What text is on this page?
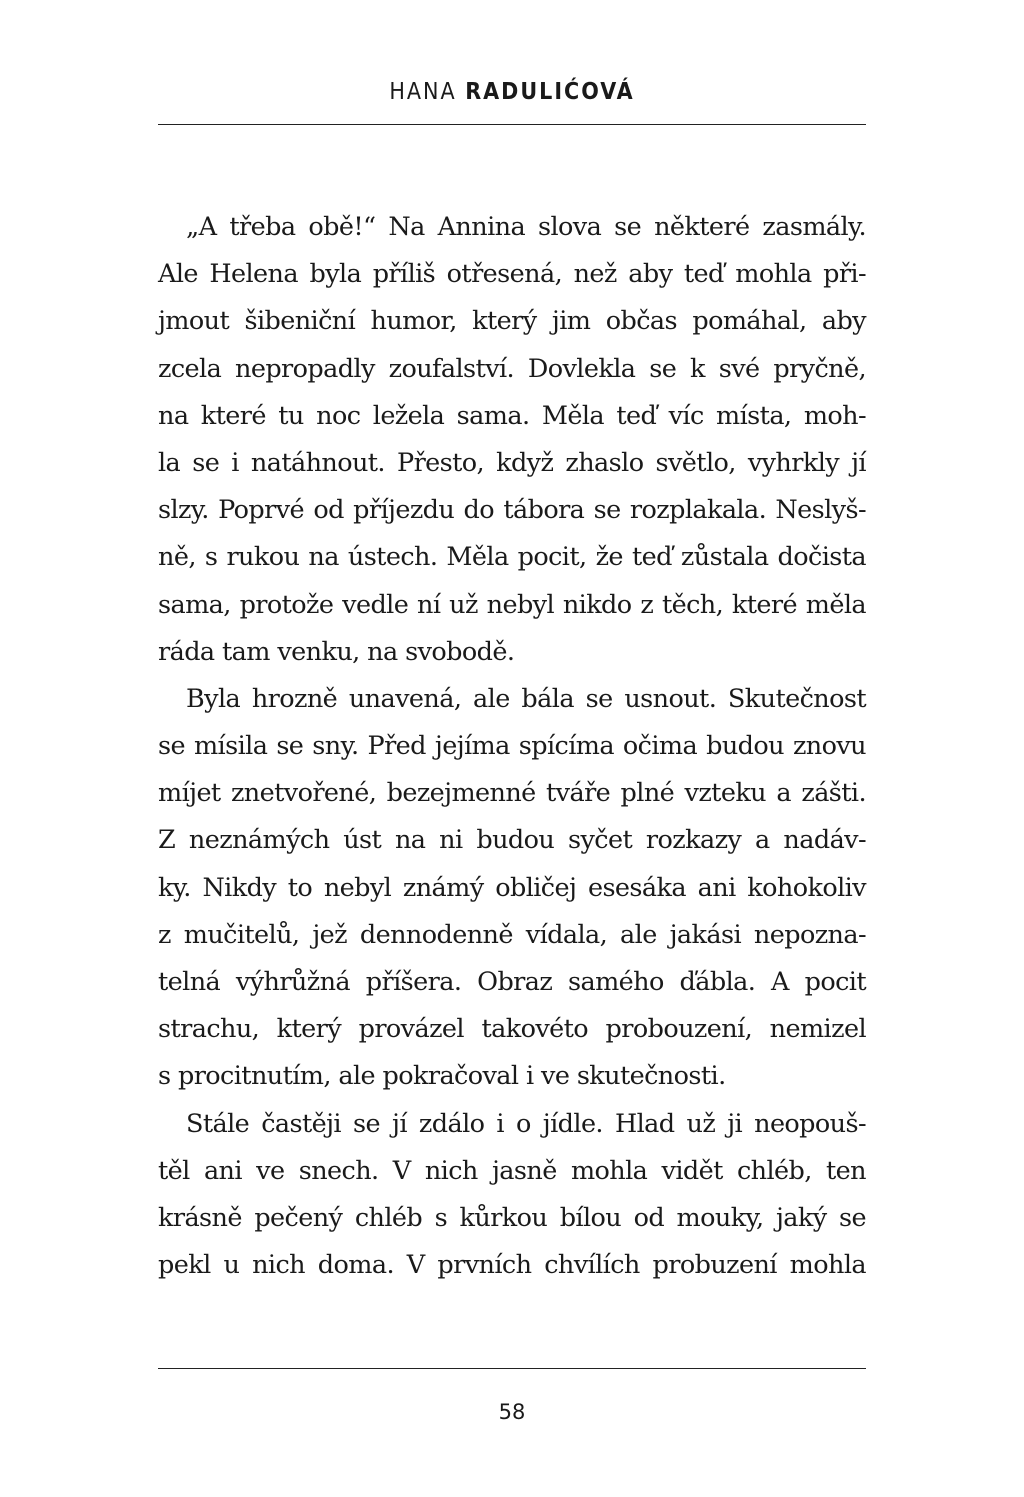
HANA RADULIĆOVÁ
„A třeba obě!“ Na Annina slova se některé zasmály.
Ale Helena byla příliš otřesená, než aby teď mohla při-
jmout šibeniční humor, který jim občas pomáhal, aby
zcela nepropadly zoufalství. Dovlekla se k své pryčně,
na které tu noc ležela sama. Měla teď víc místa, moh-
la se i natáhnout. Přesto, když zhaslo světlo, vyhrkly jí
slzy. Poprvé od příjezdu do tábora se rozplakala. Neslyš-
ně, s rukou na ústech. Měla pocit, že teď zůstala dočista
sama, protože vedle ní už nebyl nikdo z těch, které měla
ráda tam venku, na svobodě.
Byla hrozně unavená, ale bála se usnout. Skutečnost
se mísila se sny. Před jejíma spícíma očima budou znovu
míjet znetvořené, bezejmenné tváře plné vzteku a zášti.
Z neznámých úst na ni budou syčet rozkazy a nadáv-
ky. Nikdy to nebyl známý obličej esesáka ani kohokoliv
z mučitelů, jež dennodenně vídala, ale jakási nepozna-
telná výhrůžná příšera. Obraz samého ďábla. A pocit
strachu, který provázel takovéto probouzení, nemizel
s procitnutím, ale pokračoval i ve skutečnosti.
Stále častěji se jí zdálo i o jídle. Hlad už ji neopouš-
těl ani ve snech. V nich jasně mohla vidět chléb, ten
krásně pečený chléb s kůrkou bílou od mouky, jaký se
pekl u nich doma. V prvních chvílích probuzení mohla
58
